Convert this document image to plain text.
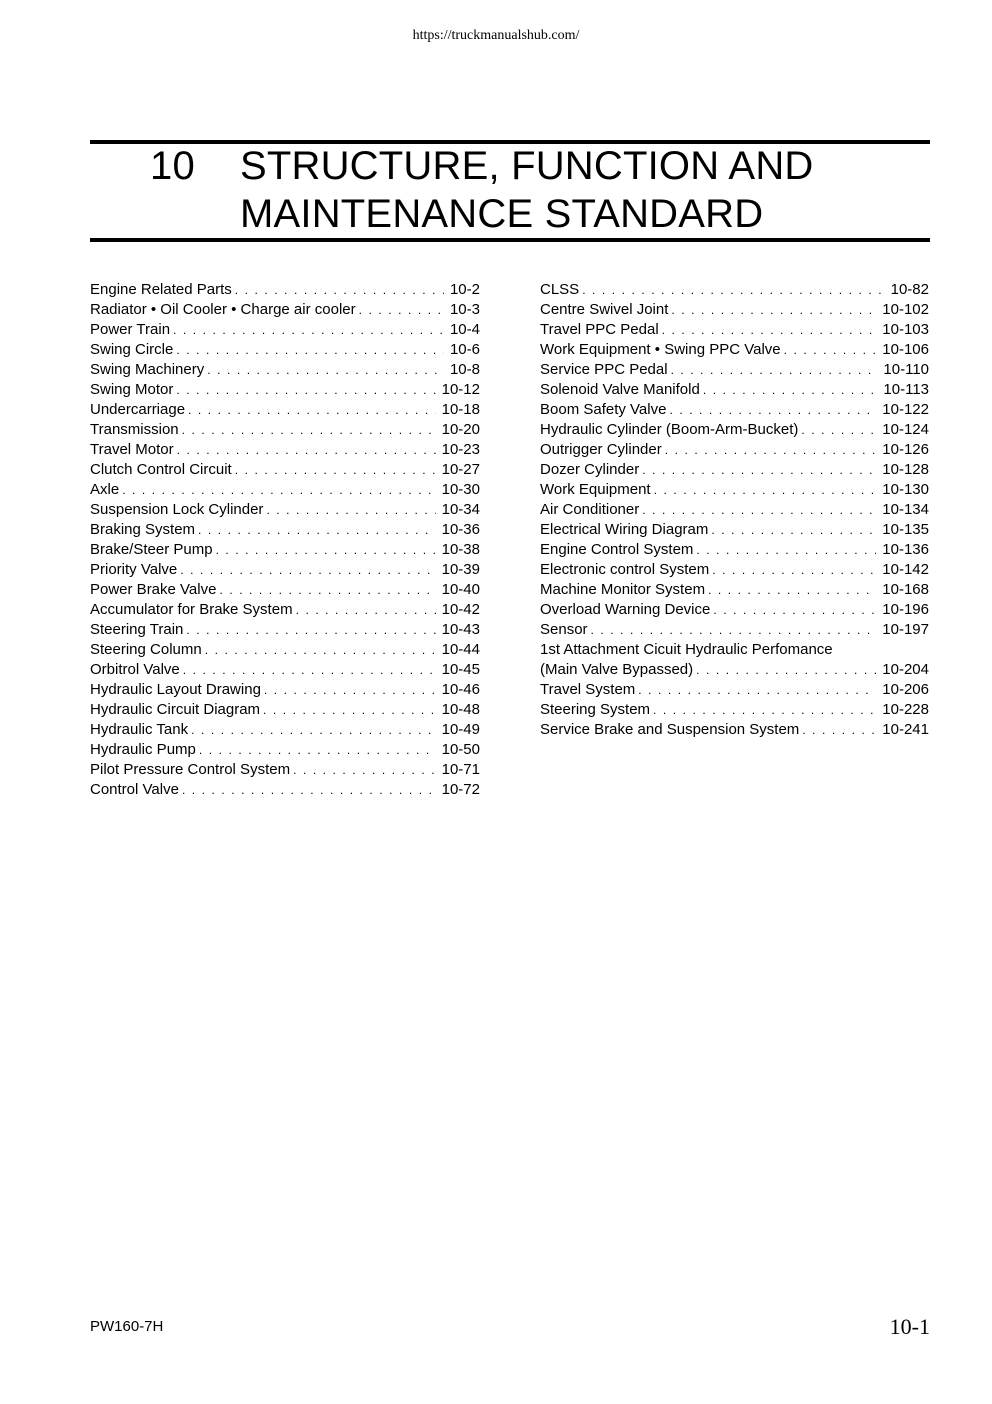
https://truckmanualshub.com/
10 STRUCTURE, FUNCTION AND
MAINTENANCE STANDARD
Engine Related Parts . . .	10-2
Radiator • Oil Cooler • Charge air cooler . . .	10-3
Power Train . . .	10-4
Swing Circle . . .	10-6
Swing Machinery . . .	10-8
Swing Motor . . .	10-12
Undercarriage . . .	10-18
Transmission . . .	10-20
Travel Motor . . .	10-23
Clutch Control Circuit . . .	10-27
Axle . . .	10-30
Suspension Lock Cylinder . . .	10-34
Braking System . . .	10-36
Brake/Steer Pump . . .	10-38
Priority Valve . . .	10-39
Power Brake Valve . . .	10-40
Accumulator for Brake System . . .	10-42
Steering Train . . .	10-43
Steering Column . . .	10-44
Orbitrol Valve . . .	10-45
Hydraulic Layout Drawing . . .	10-46
Hydraulic Circuit Diagram . . .	10-48
Hydraulic Tank . . .	10-49
Hydraulic Pump . . .	10-50
Pilot Pressure Control System . . .	10-71
Control Valve . . .	10-72
CLSS . . .	10-82
Centre Swivel Joint . . .	10-102
Travel PPC Pedal . . .	10-103
Work Equipment • Swing PPC Valve . . .	10-106
Service PPC Pedal . . .	10-110
Solenoid Valve Manifold . . .	10-113
Boom Safety Valve . . .	10-122
Hydraulic Cylinder (Boom-Arm-Bucket) . . .	10-124
Outrigger Cylinder . . .	10-126
Dozer Cylinder . . .	10-128
Work Equipment . . .	10-130
Air Conditioner . . .	10-134
Electrical Wiring Diagram . . .	10-135
Engine Control System . . .	10-136
Electronic control System . . .	10-142
Machine Monitor System . . .	10-168
Overload Warning Device . . .	10-196
Sensor . . .	10-197
1st Attachment Cicuit Hydraulic Perfomance
(Main Valve Bypassed) . . .	10-204
Travel System . . .	10-206
Steering System . . .	10-228
Service Brake and Suspension System . . .	10-241
PW160-7H	10-1
